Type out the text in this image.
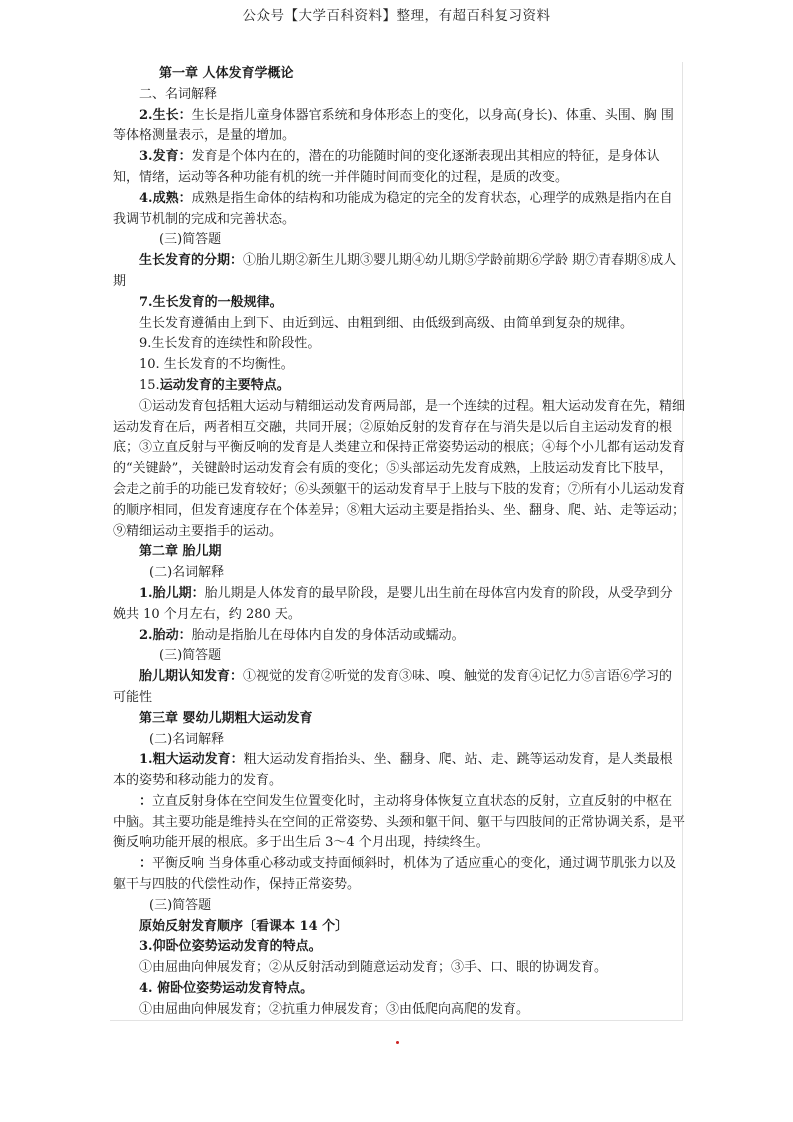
公众号【大学百科资料】整理，有超百科复习资料

第一章 人体发育学概论

二、名词解释

2.生长：生长是指儿童身体器官系统和身体形态上的变化，以身高(身长)、体重、头围、胸 围等体格测量表示，是量的增加。

3.发育：发育是个体内在的，潜在的功能随时间的变化逐渐表现出其相应的特征，是身体认知，情绪，运动等各种功能有机的统一并伴随时间而变化的过程，是质的改变。

4.成熟：成熟是指生命体的结构和功能成为稳定的完全的发育状态，心理学的成熟是指内在自我调节机制的完成和完善状态。

(三)简答题

生长发育的分期：①胎儿期②新生儿期③婴儿期④幼儿期⑤学龄前期⑥学龄 期⑦青春期⑧成人期

7.生长发育的一般规律。

生长发育遵循由上到下、由近到远、由粗到细、由低级到高级、由简单到复杂的规律。

9.生长发育的连续性和阶段性。

10. 生长发育的不均衡性。

15.运动发育的主要特点。

①运动发育包括粗大运动与精细运动发育两局部，是一个连续的过程。粗大运动发育在先，精细运动发育在后，两者相互交融，共同开展；②原始反射的发育存在与消失是以后自主运动发育的根底；③立直反射与平衡反响的发育是人类建立和保持正常姿势运动的根底；④每个小儿都有运动发育的“关键龄”，关键龄时运动发育会有质的变化；⑤头部运动先发育成熟，上肢运动发育比下肢早，会走之前手的功能已发育较好；⑥头颈躯干的运动发育早于上肢与下肢的发育；⑦所有小儿运动发育的顺序相同，但发育速度存在个体差异；⑧粗大运动主要是指抬头、坐、翻身、爬、站、走等运动；⑨精细运动主要指手的运动。

第二章 胎儿期

(二)名词解释

1.胎儿期：胎儿期是人体发育的最早阶段，是婴儿出生前在母体宫内发育的阶段，从受孕到分娩共 10 个月左右，约 280 天。

2.胎动：胎动是指胎儿在母体内自发的身体活动或蠕动。

(三)简答题

胎儿期认知发育：①视觉的发育②听觉的发育③味、嗅、触觉的发育④记忆力⑤言语⑥学习的可能性

第三章 婴幼儿期粗大运动发育

(二)名词解释

1.粗大运动发育：粗大运动发育指抬头、坐、翻身、爬、站、走、跳等运动发育，是人类最根本的姿势和移动能力的发育。

：立直反射身体在空间发生位置变化时，主动将身体恢复立直状态的反射，立直反射的中枢在中脑。其主要功能是维持头在空间的正常姿势、头颈和躯干间、躯干与四肢间的正常协调关系，是平衡反响功能开展的根底。多于出生后 3～4 个月出现，持续终生。

：平衡反响 当身体重心移动或支持面倾斜时，机体为了适应重心的变化，通过调节肌张力以及躯干与四肢的代偿性动作，保持正常姿势。

(三)简答题

原始反射发育顺序〔看课本 14 个〕

3.仰卧位姿势运动发育的特点。

①由屈曲向伸展发育；②从反射活动到随意运动发育；③手、口、眼的协调发育。

4. 俯卧位姿势运动发育特点。

①由屈曲向伸展发育；②抗重力伸展发育；③由低爬向高爬的发育。
